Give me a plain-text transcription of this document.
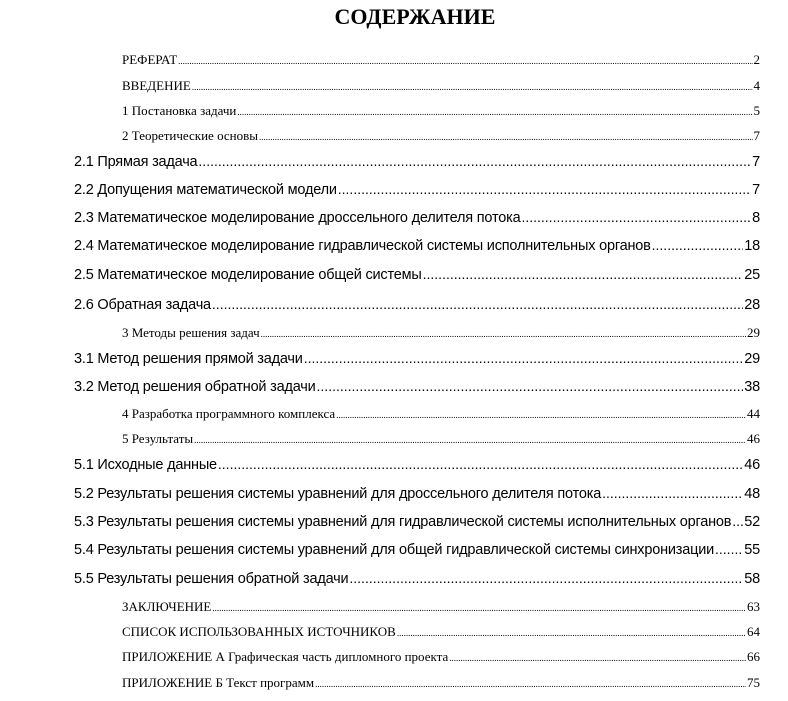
СОДЕРЖАНИЕ
РЕФЕРАТ .....	2
ВВЕДЕНИЕ .....	4
1 Постановка задачи .....	5
2 Теоретические основы .....	7
2.1 Прямая задача .....	7
2.2 Допущения математической модели .....	7
2.3 Математическое моделирование дроссельного делителя потока .....	8
2.4 Математическое моделирование гидравлической системы исполнительных органов .....	18
2.5 Математическое моделирование общей системы .....	25
2.6 Обратная задача .....	28
3 Методы решения задач .....	29
3.1 Метод решения прямой задачи .....	29
3.2 Метод решения обратной задачи .....	38
4 Разработка программного комплекса .....	44
5 Результаты .....	46
5.1 Исходные данные .....	46
5.2 Результаты решения системы уравнений для дроссельного делителя потока .....	48
5.3 Результаты решения системы уравнений для гидравлической системы исполнительных органов ..... 52
5.4 Результаты решения системы уравнений для общей гидравлической системы синхронизации ..... 55
5.5 Результаты решения обратной задачи .....	58
ЗАКЛЮЧЕНИЕ .....	63
СПИСОК ИСПОЛЬЗОВАННЫХ ИСТОЧНИКОВ .....	64
ПРИЛОЖЕНИЕ А Графическая часть дипломного проекта .....	66
ПРИЛОЖЕНИЕ Б Текст программ .....	75
